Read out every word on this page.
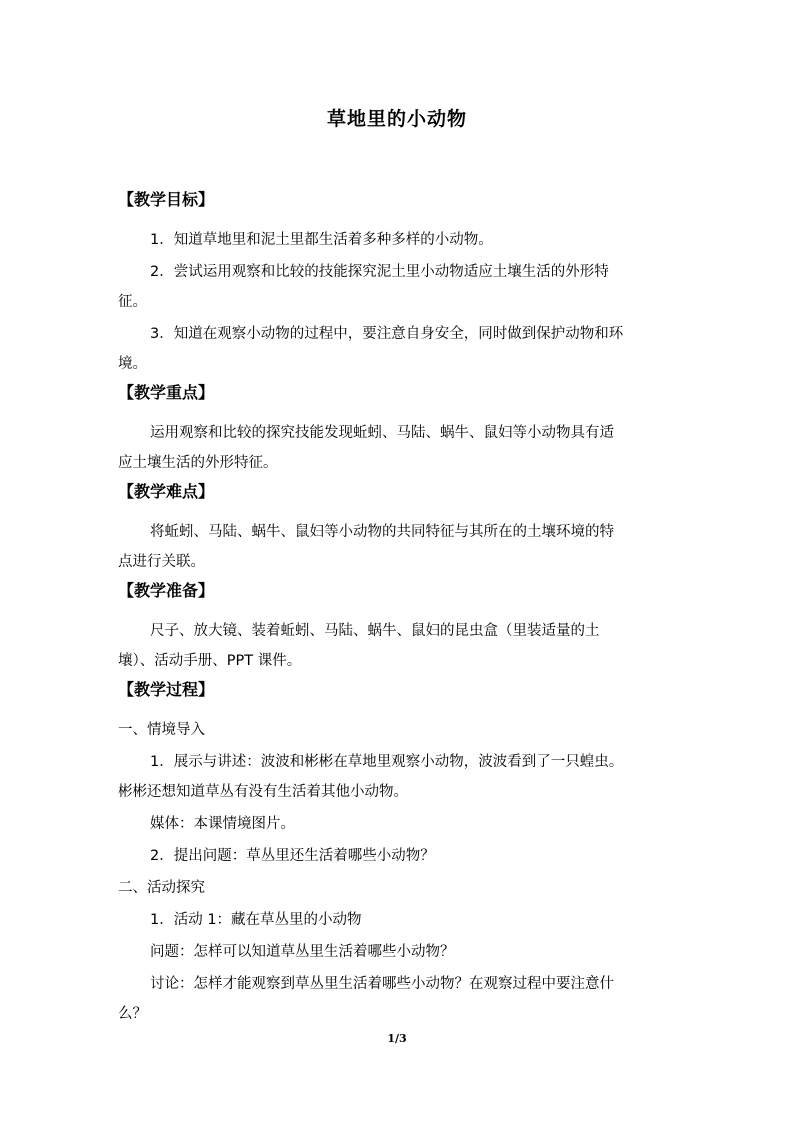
草地里的小动物
【教学目标】
1．知道草地里和泥土里都生活着多种多样的小动物。
2．尝试运用观察和比较的技能探究泥土里小动物适应土壤生活的外形特
征。
3．知道在观察小动物的过程中，要注意自身安全，同时做到保护动物和环
境。
【教学重点】
运用观察和比较的探究技能发现蚯蚓、马陆、蜗牛、鼠妇等小动物具有适
应土壤生活的外形特征。
【教学难点】
将蚯蚓、马陆、蜗牛、鼠妇等小动物的共同特征与其所在的土壤环境的特
点进行关联。
【教学准备】
尺子、放大镜、装着蚯蚓、马陆、蜗牛、鼠妇的昆虫盒（里装适量的土
壤）、活动手册、PPT 课件。
【教学过程】
一、情境导入
1．展示与讲述：波波和彬彬在草地里观察小动物，波波看到了一只蝗虫。
彬彬还想知道草丛有没有生活着其他小动物。
媒体：本课情境图片。
2．提出问题：草丛里还生活着哪些小动物？
二、活动探究
1．活动 1：藏在草丛里的小动物
问题：怎样可以知道草丛里生活着哪些小动物？
讨论：怎样才能观察到草丛里生活着哪些小动物？在观察过程中要注意什
么？
1/3
